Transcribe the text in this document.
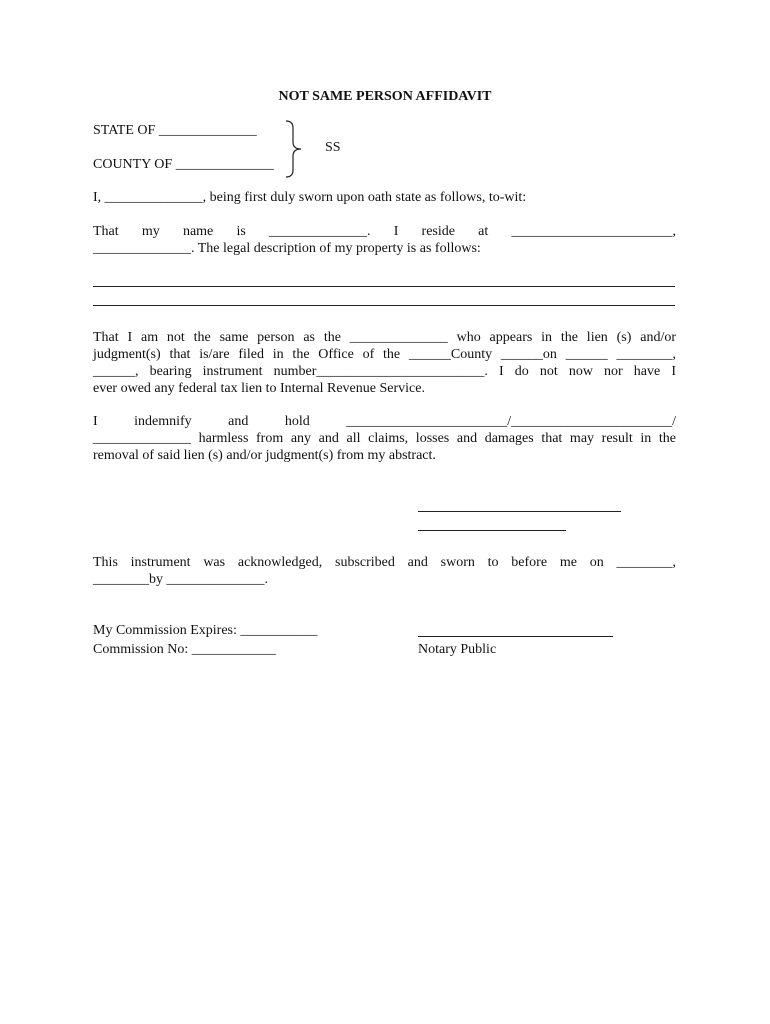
NOT SAME PERSON AFFIDAVIT
STATE OF ______________
COUNTY OF ______________
SS
I, ______________, being first duly sworn upon oath state as follows, to-wit:
That my name is ______________. I reside at _______________________,
______________. The legal description of my property is as follows:
That I am not the same person as the ______________ who appears in the lien (s) and/or
judgment(s) that is/are filed in the Office of the ______County ______on ______ ________,
______, bearing instrument number________________________. I do not now nor have I
ever owed any federal tax lien to Internal Revenue Service.
I indemnify and hold _______________________/_______________________/
______________ harmless from any and all claims, losses and damages that may result in the
removal of said lien (s) and/or judgment(s) from my abstract.
This instrument was acknowledged, subscribed and sworn to before me on ________,
________by ______________.
My Commission Expires: ___________
Commission No: ____________	Notary Public
